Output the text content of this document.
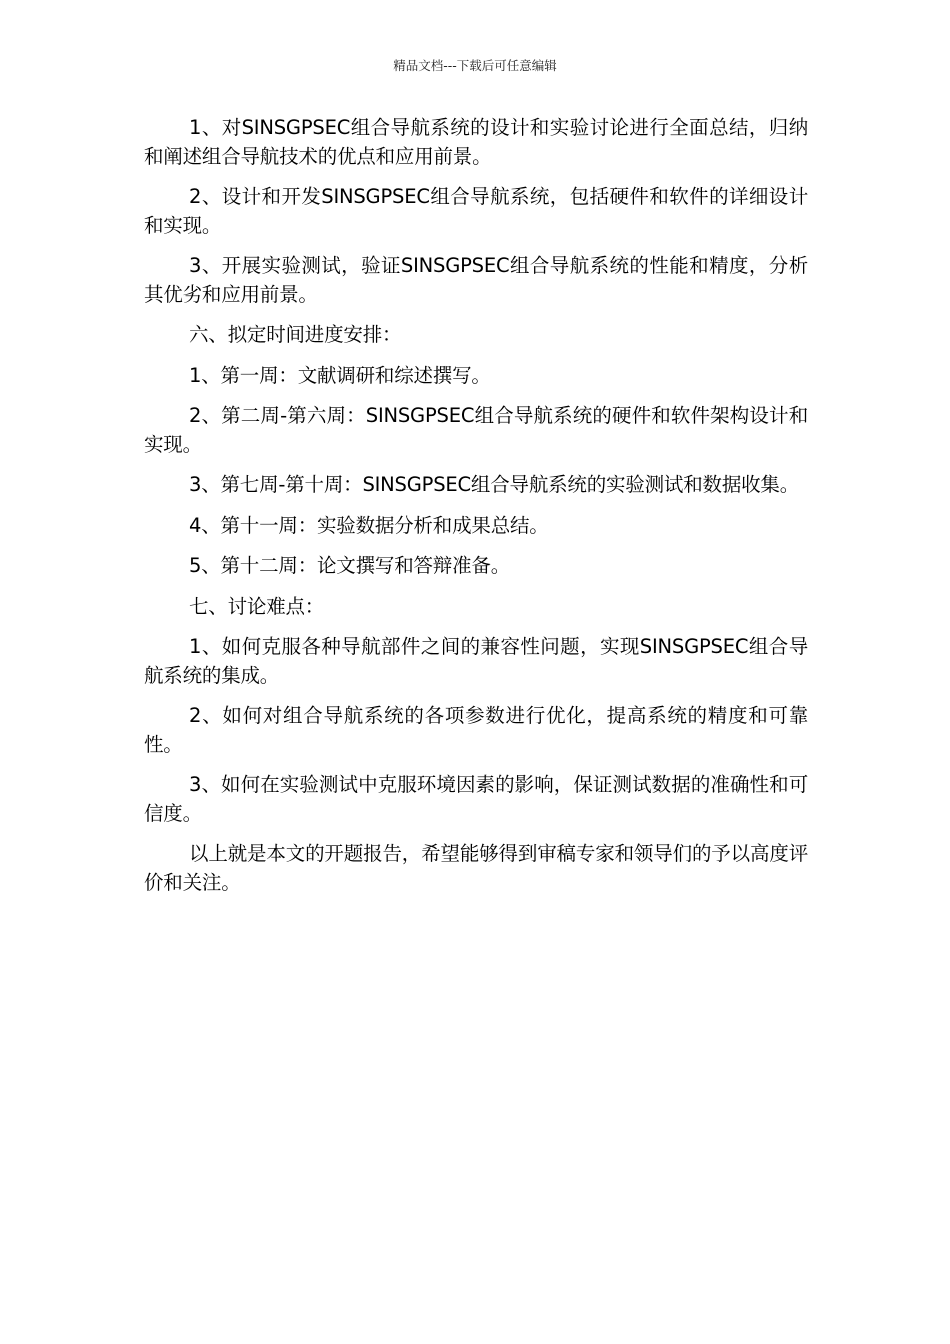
精品文档---下载后可任意编辑

1、对SINSGPSEC组合导航系统的设计和实验讨论进行全面总结，归纳和阐述组合导航技术的优点和应用前景。

2、设计和开发SINSGPSEC组合导航系统，包括硬件和软件的详细设计和实现。

3、开展实验测试，验证SINSGPSEC组合导航系统的性能和精度，分析其优劣和应用前景。

六、拟定时间进度安排：

1、第一周：文献调研和综述撰写。

2、第二周-第六周：SINSGPSEC组合导航系统的硬件和软件架构设计和实现。

3、第七周-第十周：SINSGPSEC组合导航系统的实验测试和数据收集。

4、第十一周：实验数据分析和成果总结。

5、第十二周：论文撰写和答辩准备。

七、讨论难点：

1、如何克服各种导航部件之间的兼容性问题，实现SINSGPSEC组合导航系统的集成。

2、如何对组合导航系统的各项参数进行优化，提高系统的精度和可靠性。

3、如何在实验测试中克服环境因素的影响，保证测试数据的准确性和可信度。

以上就是本文的开题报告，希望能够得到审稿专家和领导们的予以高度评价和关注。
